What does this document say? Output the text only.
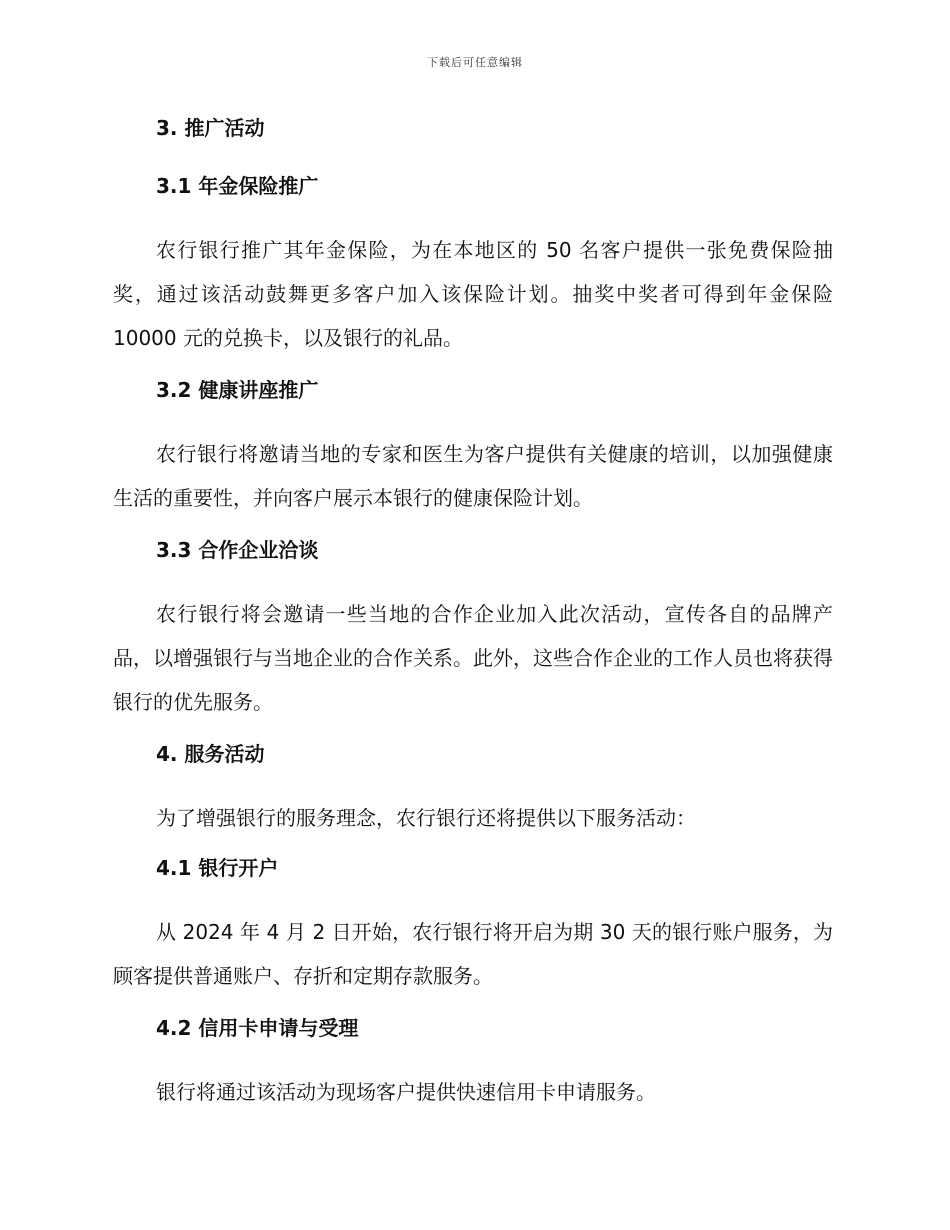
下载后可任意编辑
3. 推广活动
3.1 年金保险推广
农行银行推广其年金保险，为在本地区的 50 名客户提供一张免费保险抽奖，通过该活动鼓舞更多客户加入该保险计划。抽奖中奖者可得到年金保险 10000 元的兑换卡，以及银行的礼品。
3.2 健康讲座推广
农行银行将邀请当地的专家和医生为客户提供有关健康的培训，以加强健康生活的重要性，并向客户展示本银行的健康保险计划。
3.3 合作企业洽谈
农行银行将会邀请一些当地的合作企业加入此次活动，宣传各自的品牌产品，以增强银行与当地企业的合作关系。此外，这些合作企业的工作人员也将获得银行的优先服务。
4. 服务活动
为了增强银行的服务理念，农行银行还将提供以下服务活动：
4.1 银行开户
从 2024 年 4 月 2 日开始，农行银行将开启为期 30 天的银行账户服务，为顾客提供普通账户、存折和定期存款服务。
4.2 信用卡申请与受理
银行将通过该活动为现场客户提供快速信用卡申请服务。
